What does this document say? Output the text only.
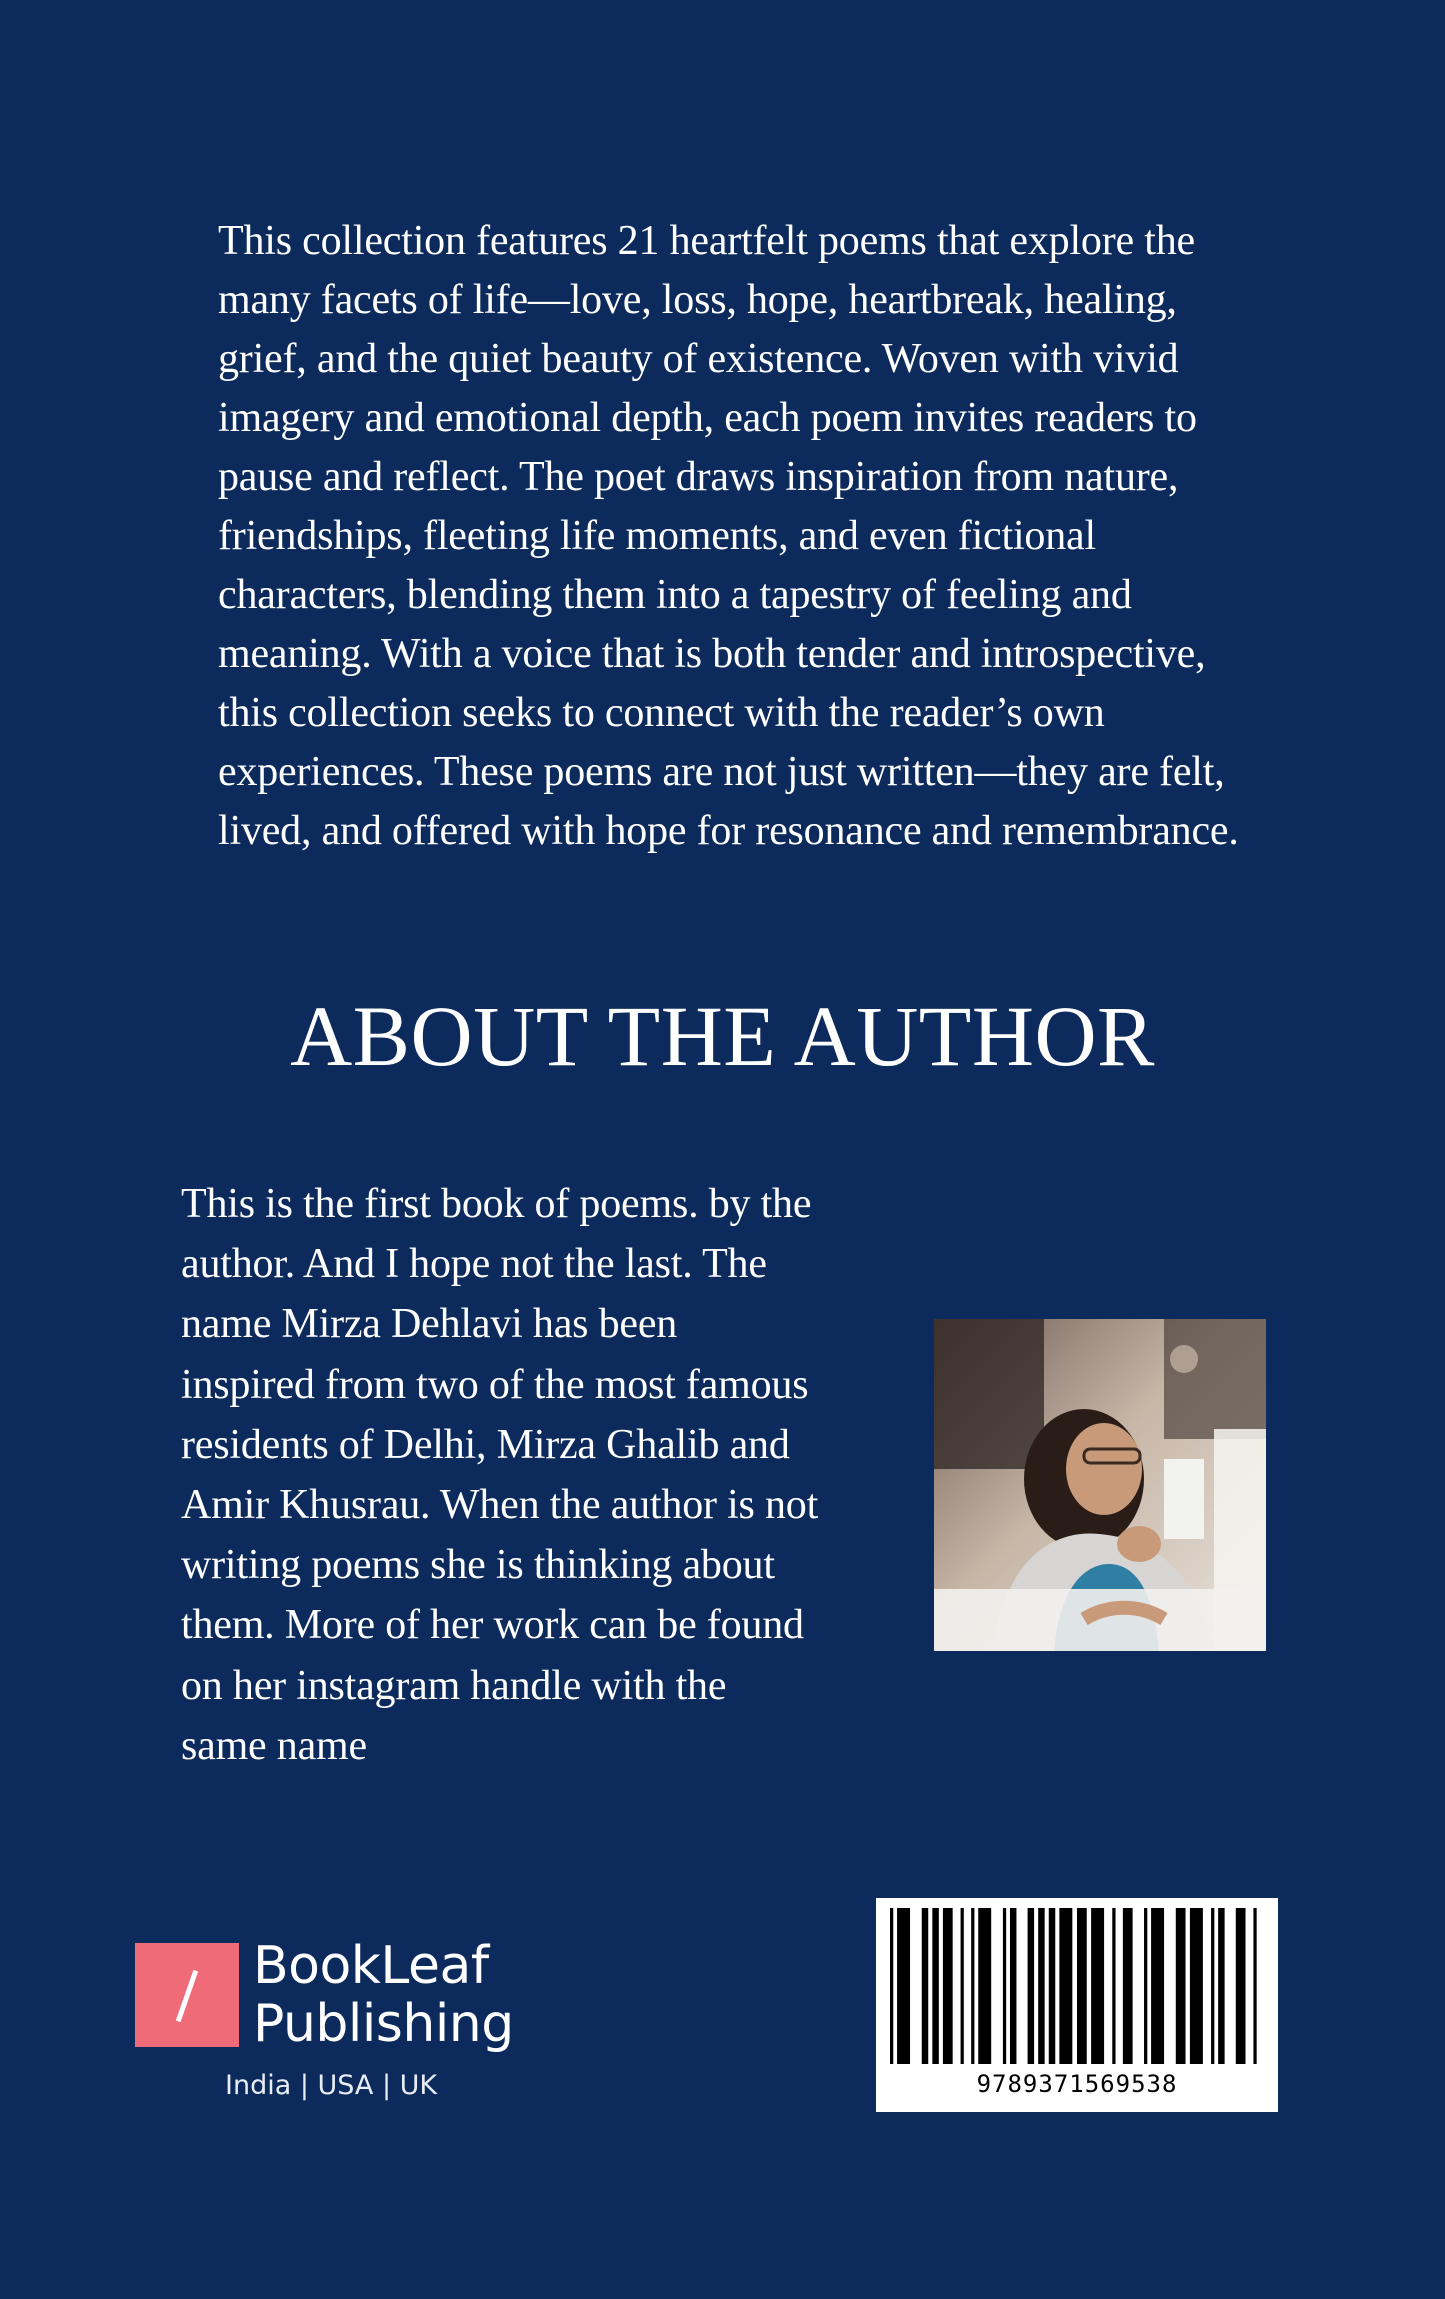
This collection features 21 heartfelt poems that explore the many facets of life—love, loss, hope, heartbreak, healing, grief, and the quiet beauty of existence. Woven with vivid imagery and emotional depth, each poem invites readers to pause and reflect. The poet draws inspiration from nature, friendships, fleeting life moments, and even fictional characters, blending them into a tapestry of feeling and meaning. With a voice that is both tender and introspective, this collection seeks to connect with the reader’s own experiences. These poems are not just written—they are felt, lived, and offered with hope for resonance and remembrance.

ABOUT THE AUTHOR

This is the first book of poems. by the author. And I hope not the last. The name Mirza Dehlavi has been inspired from two of the most famous residents of Delhi, Mirza Ghalib and Amir Khusrau. When the author is not writing poems she is thinking about them. More of her work can be found on her instagram handle with the same name

BookLeaf
Publishing
India | USA | UK	9789371569538
